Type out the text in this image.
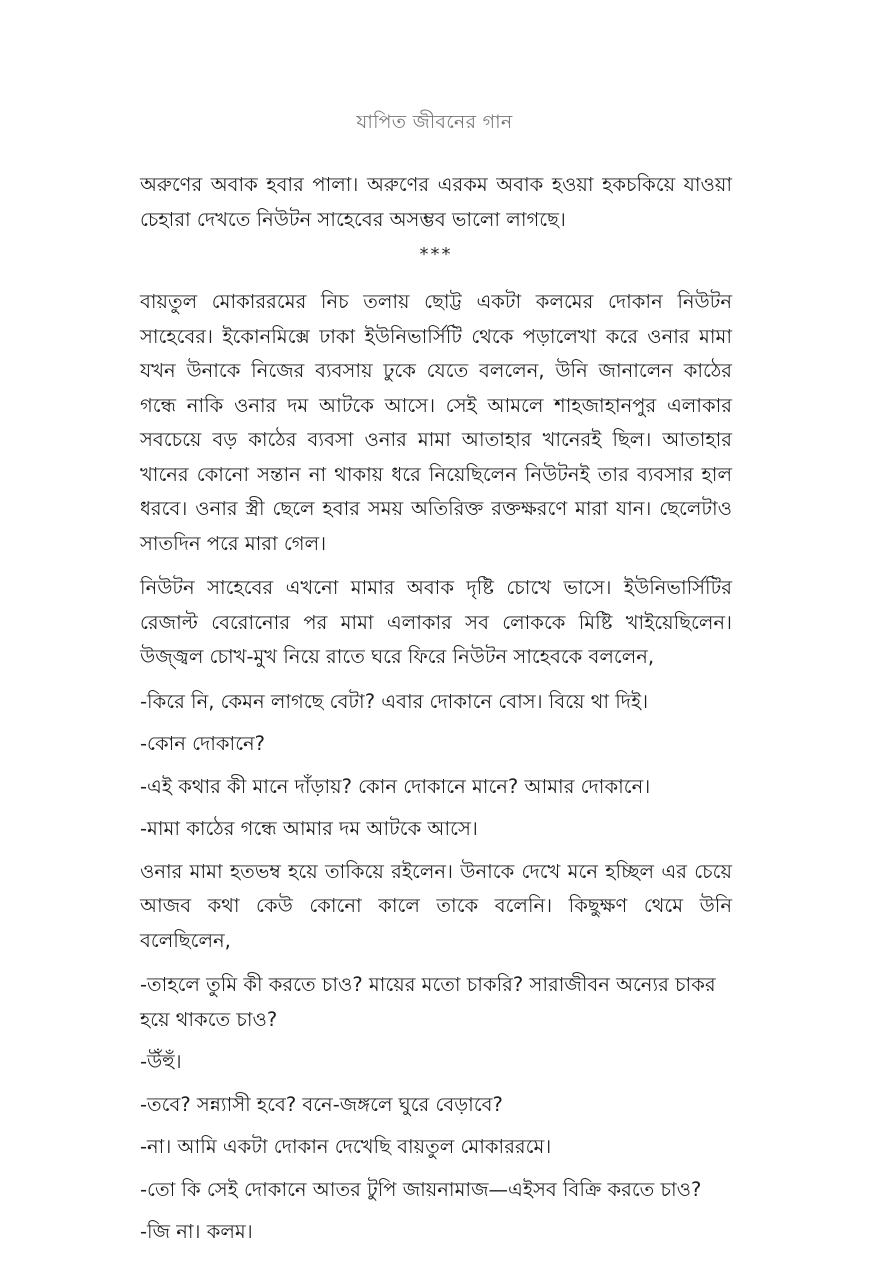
যাপিত জীবনের গান

অরুণের অবাক হবার পালা। অরুণের এরকম অবাক হওয়া হকচকিয়ে যাওয়া চেহারা দেখতে নিউটন সাহেবের অসম্ভব ভালো লাগছে।

***

বায়তুল মোকাররমের নিচ তলায় ছোট্ট একটা কলমের দোকান নিউটন সাহেবের। ইকোনমিক্সে ঢাকা ইউনিভার্সিটি থেকে পড়ালেখা করে ওনার মামা যখন উনাকে নিজের ব্যবসায় ঢুকে যেতে বললেন, উনি জানালেন কাঠের গন্ধে নাকি ওনার দম আটকে আসে। সেই আমলে শাহজাহানপুর এলাকার সবচেয়ে বড় কাঠের ব্যবসা ওনার মামা আতাহার খানেরই ছিল। আতাহার খানের কোনো সন্তান না থাকায় ধরে নিয়েছিলেন নিউটনই তার ব্যবসার হাল ধরবে। ওনার স্ত্রী ছেলে হবার সময় অতিরিক্ত রক্তক্ষরণে মারা যান। ছেলেটাও সাতদিন পরে মারা গেল।

নিউটন সাহেবের এখনো মামার অবাক দৃষ্টি চোখে ভাসে। ইউনিভার্সিটির রেজাল্ট বেরোনোর পর মামা এলাকার সব লোককে মিষ্টি খাইয়েছিলেন। উজ্জ্বল চোখ-মুখ নিয়ে রাতে ঘরে ফিরে নিউটন সাহেবকে বললেন,

-কিরে নি, কেমন লাগছে বেটা? এবার দোকানে বোস। বিয়ে থা দিই।

-কোন দোকানে?

-এই কথার কী মানে দাঁড়ায়? কোন দোকানে মানে? আমার দোকানে।

-মামা কাঠের গন্ধে আমার দম আটকে আসে।

ওনার মামা হতভম্ব হয়ে তাকিয়ে রইলেন। উনাকে দেখে মনে হচ্ছিল এর চেয়ে আজব কথা কেউ কোনো কালে তাকে বলেনি। কিছুক্ষণ থেমে উনি বলেছিলেন,

-তাহলে তুমি কী করতে চাও? মায়ের মতো চাকরি? সারাজীবন অন্যের চাকর হয়ে থাকতে চাও?

-উঁহুঁ।

-তবে? সন্ন্যাসী হবে? বনে-জঙ্গলে ঘুরে বেড়াবে?

-না। আমি একটা দোকান দেখেছি বায়তুল মোকাররমে।

-তো কি সেই দোকানে আতর টুপি জায়নামাজ—এইসব বিক্রি করতে চাও?

-জি না। কলম।
